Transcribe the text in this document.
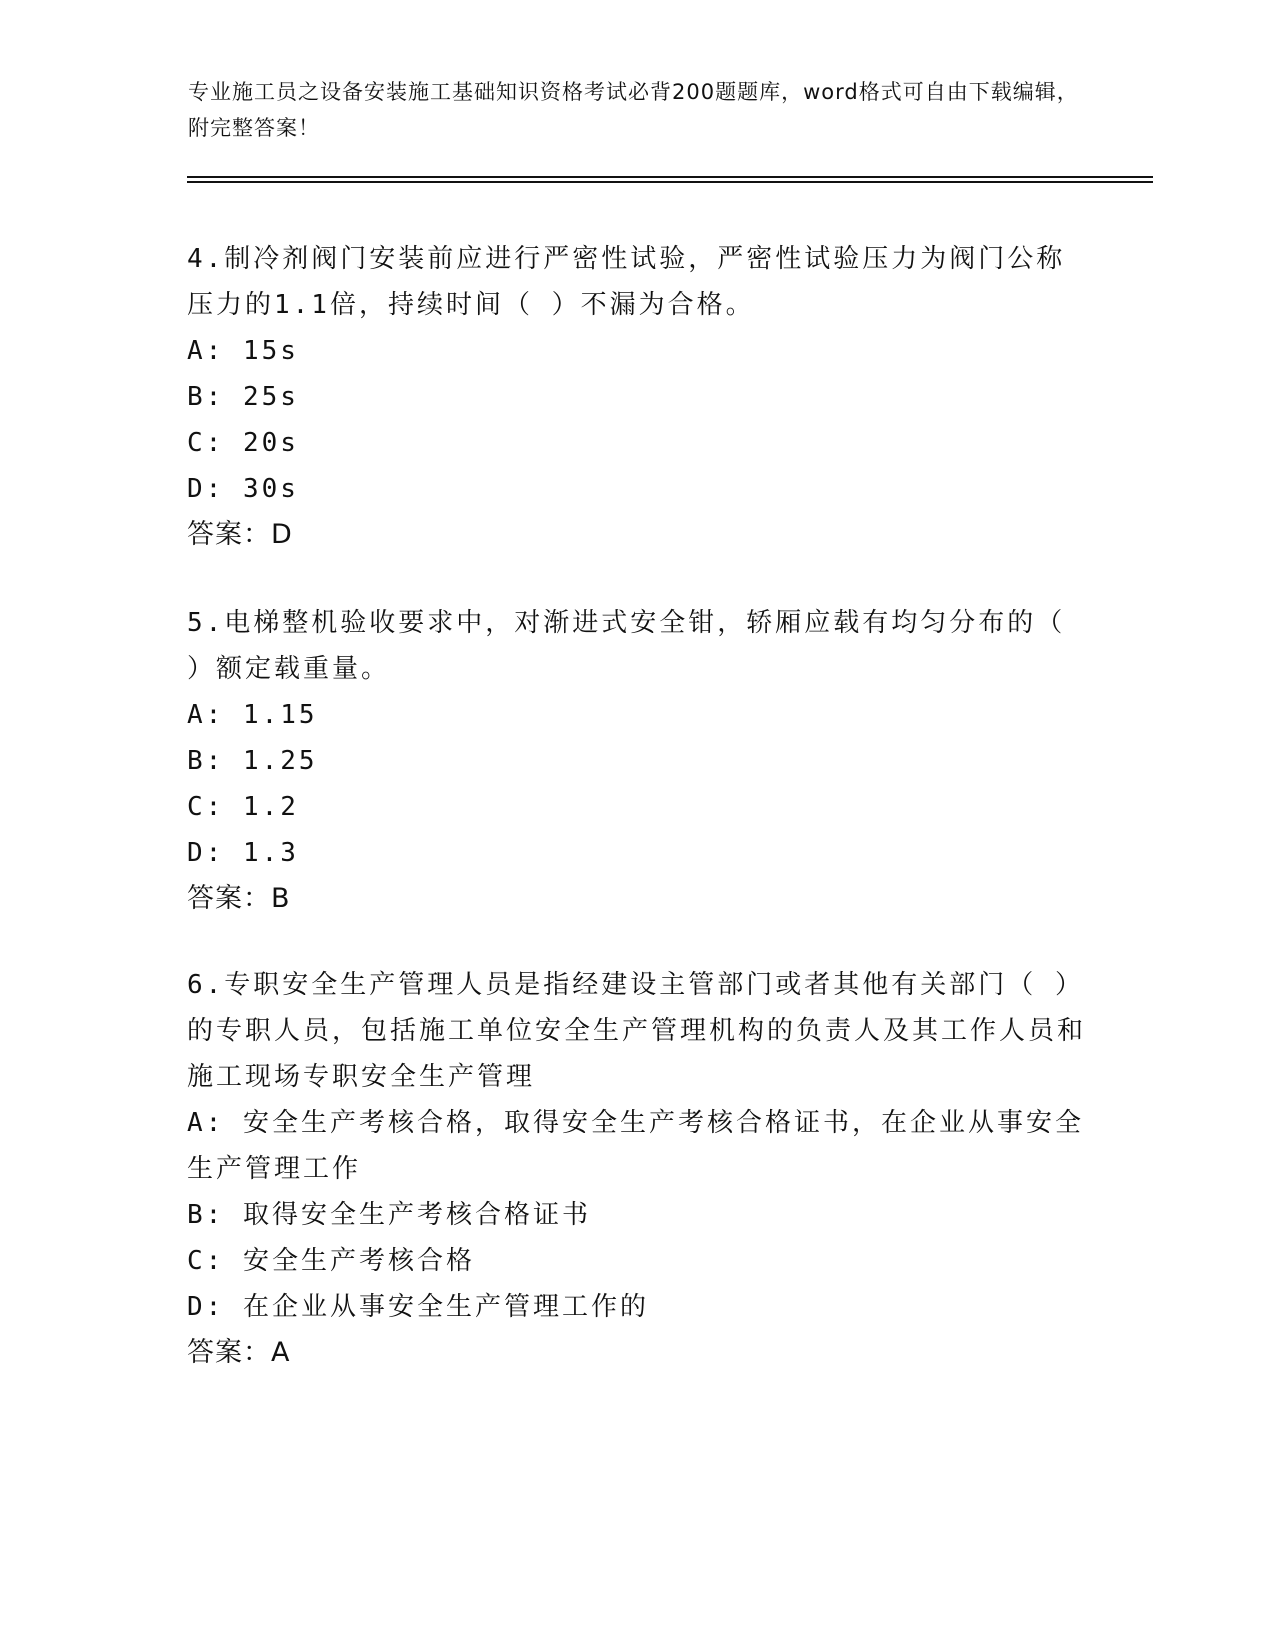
专业施工员之设备安装施工基础知识资格考试必背200题题库，word格式可自由下载编辑，附完整答案！
4.制冷剂阀门安装前应进行严密性试验，严密性试验压力为阀门公称压力的1.1倍，持续时间（ ）不漏为合格。
A: 15s
B: 25s
C: 20s
D: 30s
答案：D
5.电梯整机验收要求中，对渐进式安全钳，轿厢应载有均匀分布的（ ）额定载重量。
A: 1.15
B: 1.25
C: 1.2
D: 1.3
答案：B
6.专职安全生产管理人员是指经建设主管部门或者其他有关部门（ ）的专职人员，包括施工单位安全生产管理机构的负责人及其工作人员和施工现场专职安全生产管理
A: 安全生产考核合格，取得安全生产考核合格证书，在企业从事安全生产管理工作
B: 取得安全生产考核合格证书
C: 安全生产考核合格
D: 在企业从事安全生产管理工作的
答案：A
